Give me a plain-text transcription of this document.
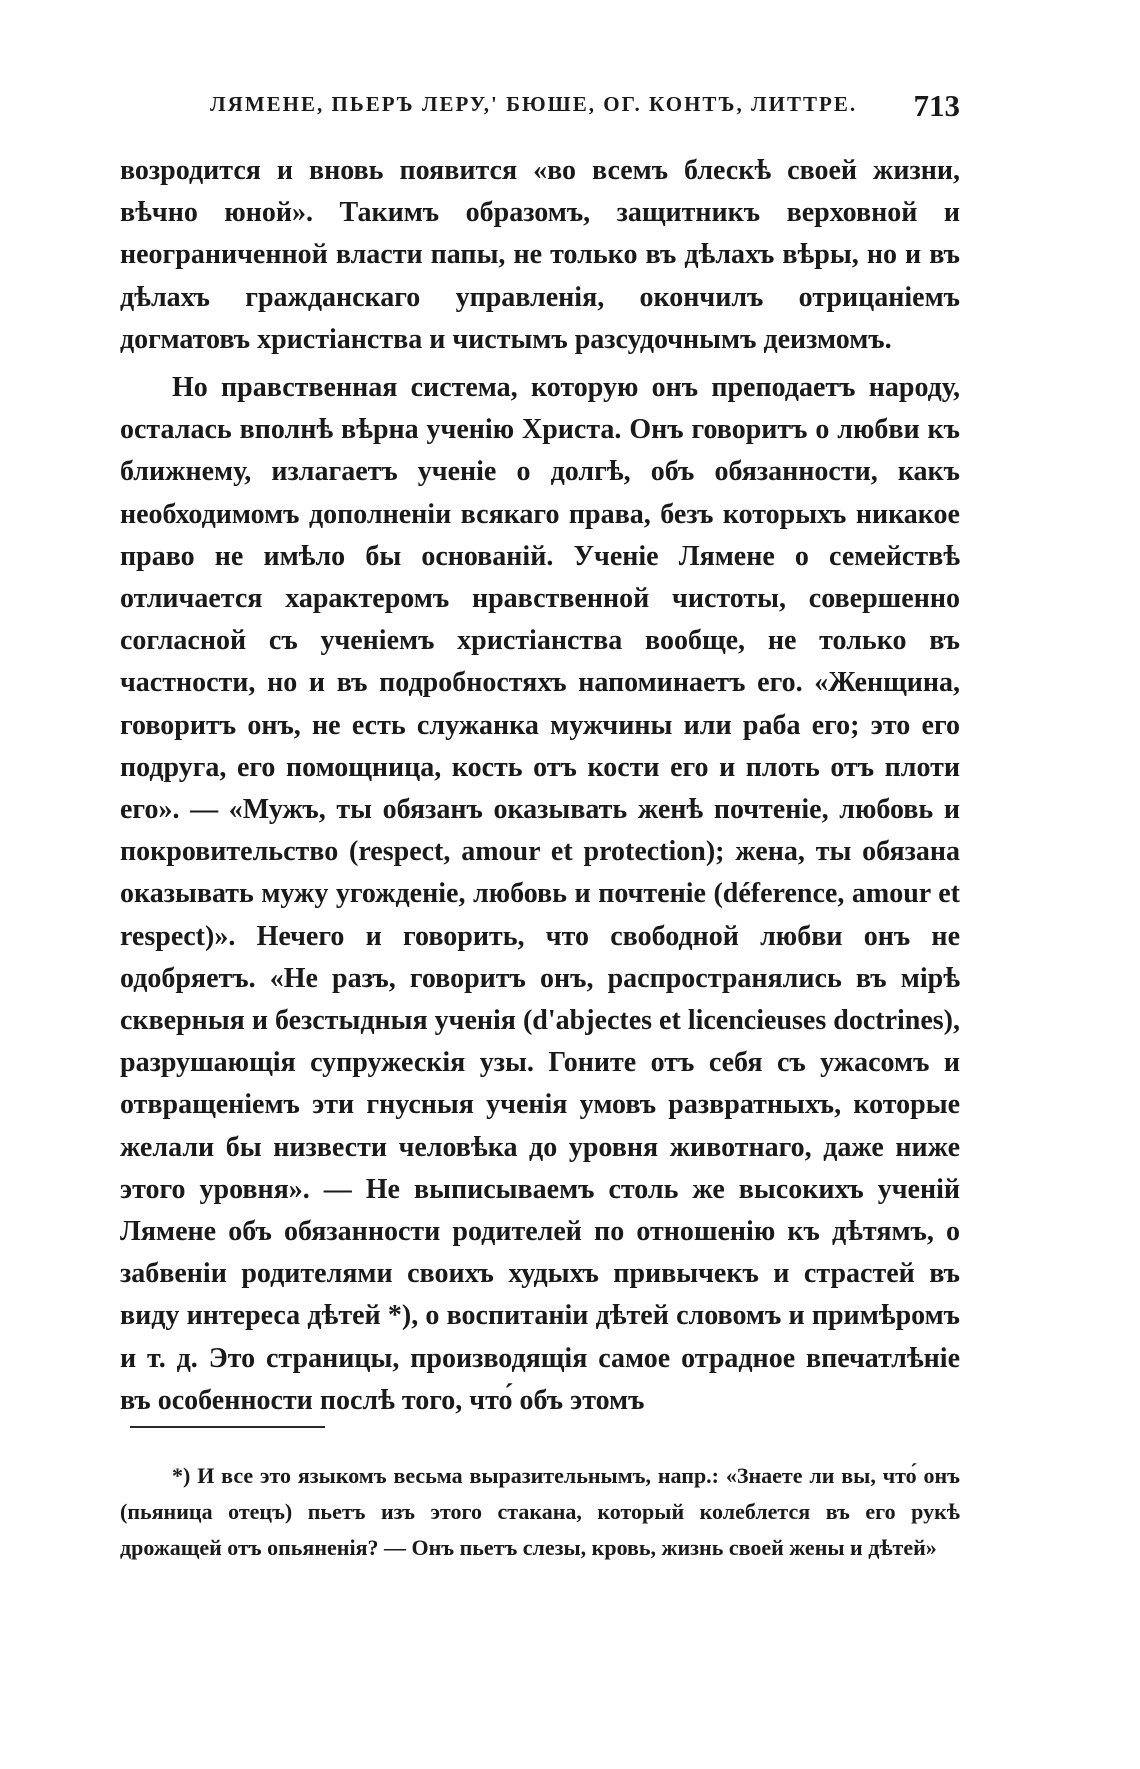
ЛЯМЕНЕ, ПЬЕРЪ ЛЕРУ,' БЮШЕ, ОГ. КОНТЪ, ЛИТТРЕ. 713

возродится и вновь появится «во всемъ блескѣ своей жизни, вѣчно юной». Такимъ образомъ, защитникъ верховной и неограниченной власти папы, не только въ дѣлахъ вѣры, но и въ дѣлахъ гражданскаго управленія, окончилъ отрицаніемъ догматовъ христіанства и чистымъ разсудочнымъ деизмомъ.

Но правственная система, которую онъ преподаетъ народу, осталась вполнѣ вѣрна ученію Христа. Онъ говоритъ о любви къ ближнему, излагаетъ ученіе о долгѣ, объ обязанности, какъ необходимомъ дополненіи всякаго права, безъ которыхъ никакое право не имѣло бы основаній. Ученіе Лямене о семействѣ отличается характеромъ нравственной чистоты, совершенно согласной съ ученіемъ христіанства вообще, не только въ частности, но и въ подробностяхъ напоминаетъ его. «Женщина, говоритъ онъ, не есть служанка мужчины или раба его; это его подруга, его помощница, кость отъ кости его и плоть отъ плоти его». — «Мужъ, ты обязанъ оказывать женѣ почтеніе, любовь и покровительство (respect, amour et protection); жена, ты обязана оказывать мужу угожденіе, любовь и почтеніе (déference, amour et respect)». Нечего и говорить, что свободной любви онъ не одобряетъ. «Не разъ, говоритъ онъ, распространялись въ мірѣ скверныя и безстыдныя ученія (d'abjectes et licencieuses doctrines), разрушающія супружескія узы. Гоните отъ себя съ ужасомъ и отвращеніемъ эти гнусныя ученія умовъ развратныхъ, которые желали бы низвести человѣка до уровня животнаго, даже ниже этого уровня». — Не выписываемъ столь же высокихъ ученій Лямене объ обязанности родителей по отношенію къ дѣтямъ, о забвеніи родителями своихъ худыхъ привычекъ и страстей въ виду интереса дѣтей *), о воспитаніи дѣтей словомъ и примѣромъ и т. д. Это страницы, производящія самое отрадное впечатлѣніе въ особенности послѣ того, что́ объ этомъ

*) И все это языкомъ весьма выразительнымъ, напр.: «Знаете ли вы, что́ онъ (пьяница отецъ) пьетъ изъ этого стакана, который колеблется въ его рукѣ дрожащей отъ опьяненія? — Онъ пьетъ слезы, кровь, жизнь своей жены и дѣтей»
